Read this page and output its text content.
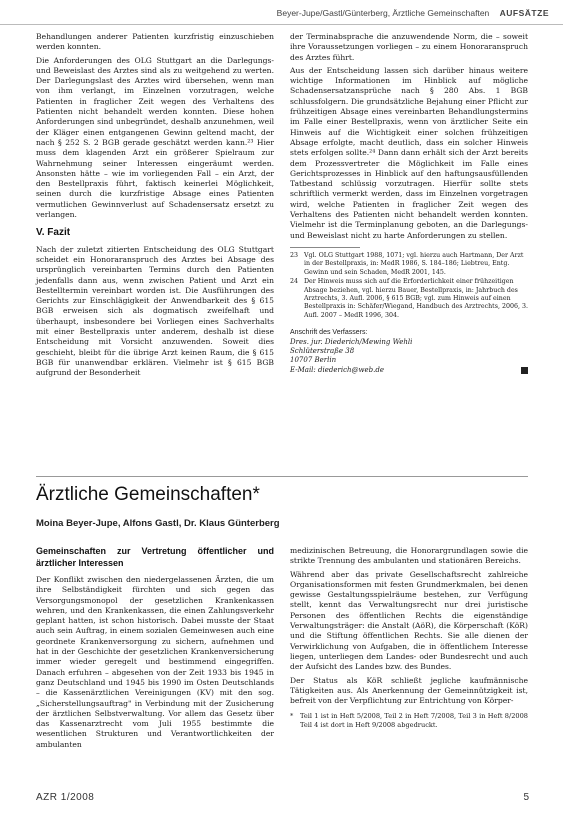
Beyer-Jupe/Gastl/Günterberg, Ärztliche Gemeinschaften AUFSÄTZE

Behandlungen anderer Patienten kurzfristig einzuschieben werden konnten.

Die Anforderungen des OLG Stuttgart an die Darlegungs- und Beweislast des Arztes sind als zu weitgehend zu werten. Der Darlegungslast des Arztes wird übersehen, wenn man von ihm verlangt, im Einzelnen vorzutragen, welche Patienten in fraglicher Zeit wegen des Verhaltens des Patienten nicht behandelt werden konnten. Diese hohen Anforderungen sind unbegründet, deshalb anzunehmen, weil der Kläger einen entgangenen Gewinn geltend macht, der nach § 252 S. 2 BGB gerade geschätzt werden kann.²³ Hier muss dem klagenden Arzt ein größerer Spielraum zur Wahrnehmung seiner Interessen eingeräumt werden. Ansonsten hätte – wie im vorliegenden Fall – ein Arzt, der den Bestellpraxis führt, faktisch keinerlei Möglichkeit, seinen durch die kurzfristige Absage eines Patienten vermutlichen Gewinnverlust auf Schadensersatz ersetzt zu verlangen.

V. Fazit

Nach der zuletzt zitierten Entscheidung des OLG Stuttgart scheidet ein Honoraranspruch des Arztes bei Absage des ursprünglich vereinbarten Termins durch den Patienten jedenfalls dann aus, wenn zwischen Patient und Arzt ein Bestelltermin vereinbart worden ist. Die Ausführungen des Gerichts zur Einschlägigkeit der Anwendbarkeit des § 615 BGB erweisen sich als dogmatisch zweifelhaft und überhaupt, insbesondere bei Vorliegen eines Sachverhalts mit einer Bestellpraxis unter anderem, deshalb ist diese Entscheidung mit Vorsicht anzuwenden. Soweit dies geschieht, bleibt für die übrige Arzt keinen Raum, die § 615 BGB für unanwendbar erklären. Vielmehr ist § 615 BGB aufgrund der Besonderheit

der Terminabsprache die anzuwendende Norm, die – soweit ihre Voraussetzungen vorliegen – zu einem Honoraranspruch des Arztes führt.

Aus der Entscheidung lassen sich darüber hinaus weitere wichtige Informationen im Hinblick auf mögliche Schadensersatzansprüche nach § 280 Abs. 1 BGB schlussfolgern. Die grundsätzliche Bejahung einer Pflicht zur frühzeitigen Absage eines vereinbarten Behandlungstermins im Falle einer Bestellpraxis, wenn von ärztlicher Seite ein Hinweis auf die Wichtigkeit einer solchen frühzeitigen Absage erfolgte, macht deutlich, dass ein solcher Hinweis stets erfolgen sollte.²⁴ Dann dann erhält sich der Arzt bereits dem Prozessvertreter die Möglichkeit im Falle eines Gerichtsprozesses in Hinblick auf den haftungsausfüllenden Tatbestand schlüssig vorzutragen. Hierfür sollte stets schriftlich vermerkt werden, dass im Einzelnen vorgetragen wird, welche Patienten in fraglicher Zeit wegen des Verhaltens des Patienten nicht behandelt werden konnten. Vielmehr ist die Terminplanung geboten, an die Darlegungs- und Beweislast nicht zu harte Anforderungen zu stellen.

23 Vgl. OLG Stuttgart 1988, 1071; vgl. hierzu auch Hartmann, Der Arzt in der Bestellpraxis, in: MedR 1986, S. 184–186; Liebtreu, Entg. Gewinn und sein Schaden, MedR 2001, 145.
24 Der Hinweis muss sich auf die Erforderlichkeit einer frühzeitigen Absage beziehen, vgl. hierzu Bauer, Bestellpraxis, in: Jahrbuch des Arztrechts, 3. Aufl. 2006, § 615 BGB; vgl. zum Hinweis auf einen Bestellpraxis in: Schäfer/Wiegand, Handbuch des Arztrechts, 2006, 3. Aufl. 2007 – MedR 1996, 304.
Anschrift des Verfassers:
Dres. jur. Diederich/Mewing Wehli
Schlüterstraße 38
10707 Berlin
E-Mail: diederich@web.de
Ärztliche Gemeinschaften*
Moina Beyer-Jupe, Alfons Gastl, Dr. Klaus Günterberg
Gemeinschaften zur Vertretung öffentlicher und ärztlicher Interessen

Der Konflikt zwischen den niedergelassenen Ärzten, die um ihre Selbständigkeit fürchten und sich gegen das Versorgungsmonopol der gesetzlichen Krankenkassen wehren, und den Krankenkassen, die einen Zahlungsverkehr geplant hatten, ist schon historisch. Dabei musste der Staat auch sein Auftrag, in einem sozialen Gemeinwesen auch eine geordnete Krankenversorgung zu sichern, aufnehmen und hat in der Geschichte der gesetzlichen Krankenversicherung immer wieder geregelt und bestimmend eingegriffen. Danach erfuhren – abgesehen von der Zeit 1933 bis 1945 in ganz Deutschland und 1945 bis 1990 im Osten Deutschlands – die Kassenärztlichen Vereinigungen (KV) mit den sog. „Sicherstellungsauftrag" in Verbindung mit der Zusicherung der ärztlichen Selbstverwaltung. Vor allem das Gesetz über das Kassenarztrecht vom Juli 1955 bestimmte die wesentlichen Strukturen und Verantwortlichkeiten der ambulanten

medizinischen Betreuung, die Honorargrundlagen sowie die strikte Trennung des ambulanten und stationären Bereichs.

Während aber das private Gesellschaftsrecht zahlreiche Organisationsformen mit festen Grundmerkmalen, bei denen gewisse Gestaltungsspielräume bestehen, zur Verfügung stellt, kennt das Verwaltungsrecht nur drei juristische Personen des öffentlichen Rechts die eigenständige Verwaltungsträger: die Anstalt (AöR), die Körperschaft (KöR) und die Stiftung öffentlichen Rechts. Sie alle dienen der Verwirklichung von Aufgaben, die in öffentlichem Interesse liegen, unterliegen dem Landes- oder Bundesrecht und auch der Aufsicht des Landes bzw. des Bundes.

Der Status als KöR schließt jegliche kaufmännische Tätigkeiten aus. Als Anerkennung der Gemeinnützigkeit ist, befreit von der Verpflichtung zur Entrichtung von Körper-

*	Teil 1 ist in Heft 5/2008, Teil 2 in Heft 7/2008, Teil 3 in Heft 8/2008 Teil 4 ist dort in Heft 9/2008 abgedruckt.
AZR 1/2008	5
